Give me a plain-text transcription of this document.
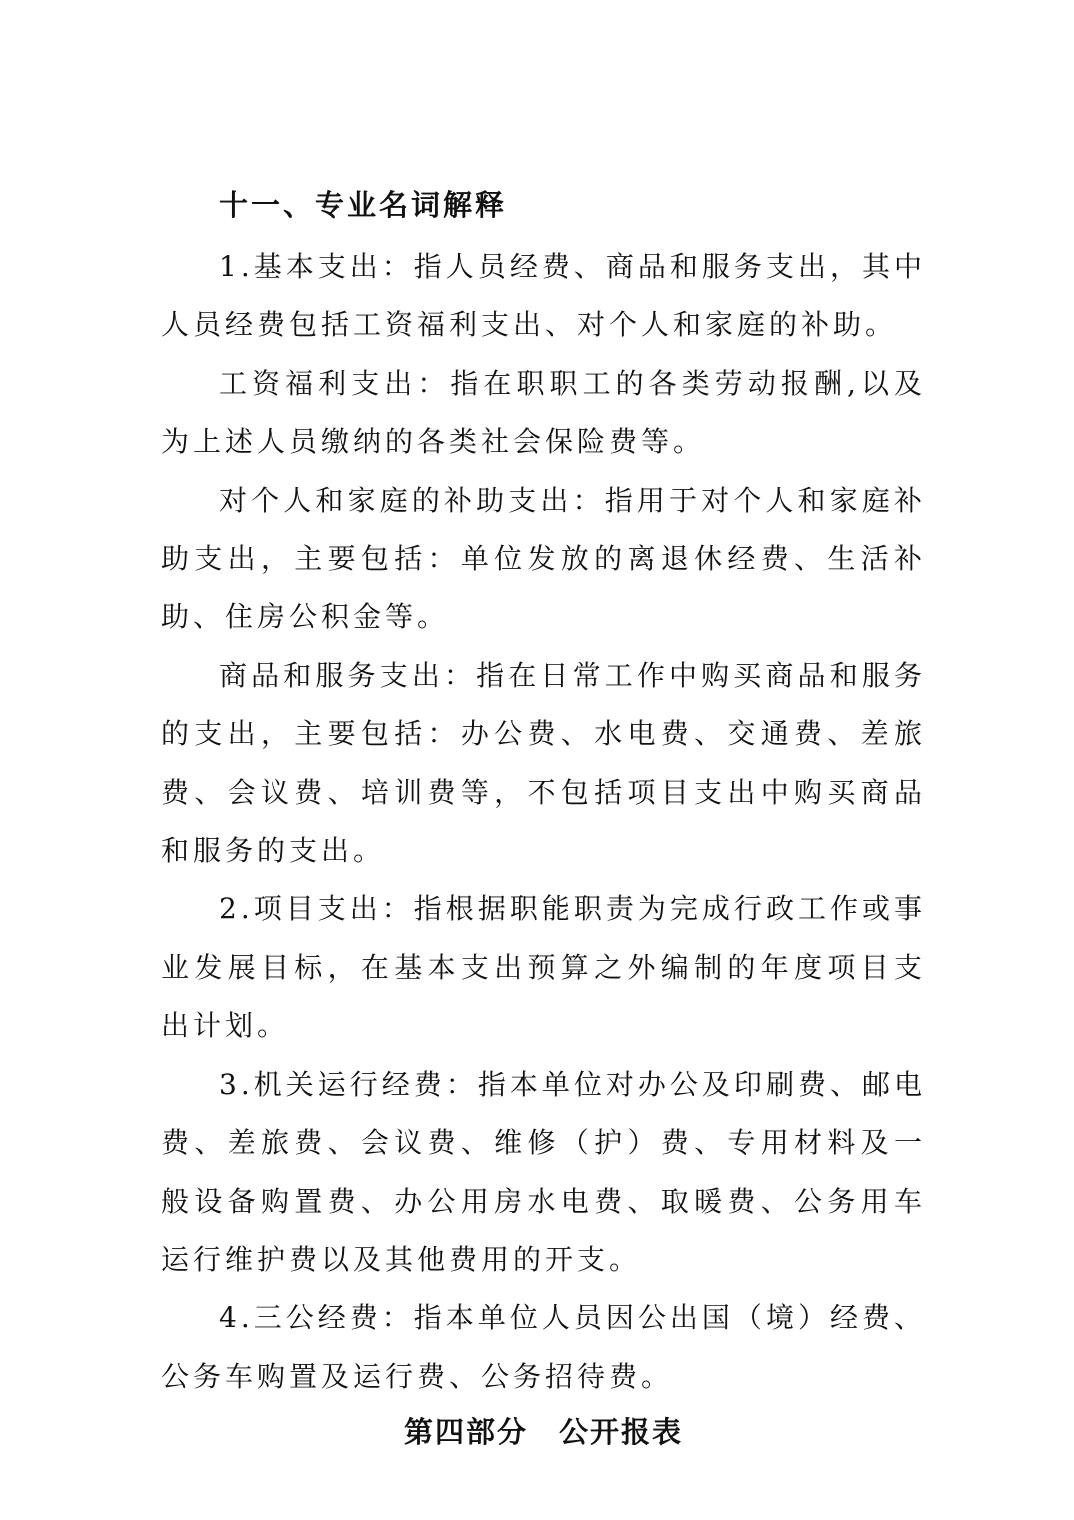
十一、专业名词解释

1.基本支出：指人员经费、商品和服务支出，其中人员经费包括工资福利支出、对个人和家庭的补助。

工资福利支出：指在职职工的各类劳动报酬,以及为上述人员缴纳的各类社会保险费等。

对个人和家庭的补助支出：指用于对个人和家庭补助支出，主要包括：单位发放的离退休经费、生活补助、住房公积金等。

商品和服务支出：指在日常工作中购买商品和服务的支出，主要包括：办公费、水电费、交通费、差旅费、会议费、培训费等，不包括项目支出中购买商品和服务的支出。

2.项目支出：指根据职能职责为完成行政工作或事业发展目标，在基本支出预算之外编制的年度项目支出计划。

3.机关运行经费：指本单位对办公及印刷费、邮电费、差旅费、会议费、维修（护）费、专用材料及一般设备购置费、办公用房水电费、取暖费、公务用车运行维护费以及其他费用的开支。

4.三公经费：指本单位人员因公出国（境）经费、公务车购置及运行费、公务招待费。

第四部分　公开报表
